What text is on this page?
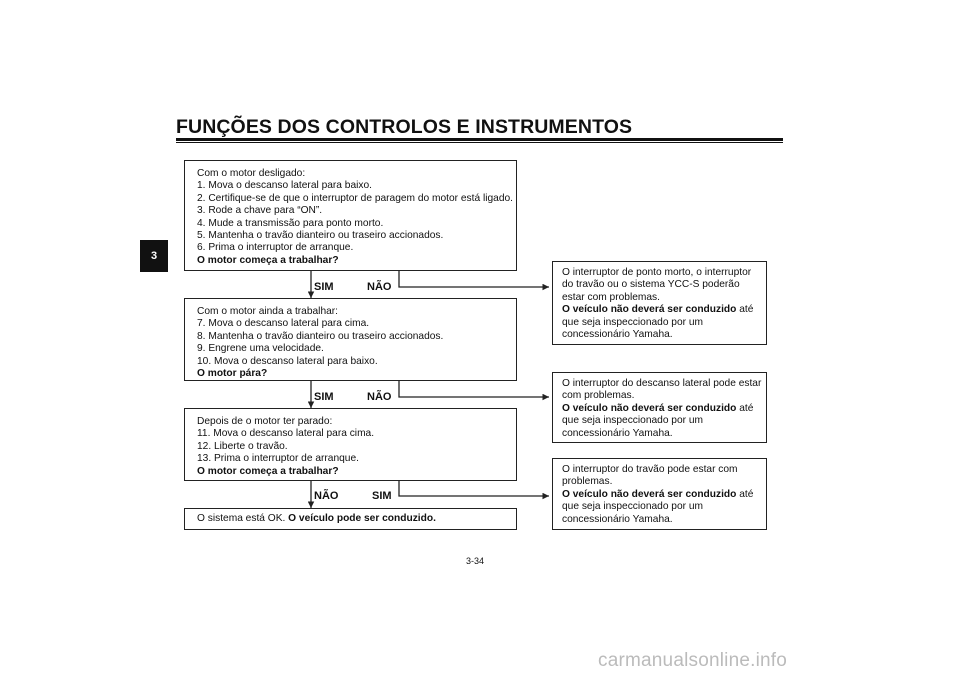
FUNÇÕES DOS CONTROLOS E INSTRUMENTOS
3
Com o motor desligado:
1. Mova o descanso lateral para baixo.
2. Certifique-se de que o interruptor de paragem do motor está ligado.
3. Rode a chave para “ON”.
4. Mude a transmissão para ponto morto.
5. Mantenha o travão dianteiro ou traseiro accionados.
6. Prima o interruptor de arranque.
O motor começa a trabalhar?
SIM	NÃO
Com o motor ainda a trabalhar:
7. Mova o descanso lateral para cima.
8. Mantenha o travão dianteiro ou traseiro accionados.
9. Engrene uma velocidade.
10. Mova o descanso lateral para baixo.
O motor pára?
SIM	NÃO
Depois de o motor ter parado:
11. Mova o descanso lateral para cima.
12. Liberte o travão.
13. Prima o interruptor de arranque.
O motor começa a trabalhar?
NÃO	SIM
O sistema está OK. O veículo pode ser conduzido.
O interruptor de ponto morto, o interruptor
do travão ou o sistema YCC-S poderão
estar com problemas.
O veículo não deverá ser conduzido até
que seja inspeccionado por um
concessionário Yamaha.
O interruptor do descanso lateral pode estar
com problemas.
O veículo não deverá ser conduzido até
que seja inspeccionado por um
concessionário Yamaha.
O interruptor do travão pode estar com
problemas.
O veículo não deverá ser conduzido até
que seja inspeccionado por um
concessionário Yamaha.
3-34
carmanualsonline.info
